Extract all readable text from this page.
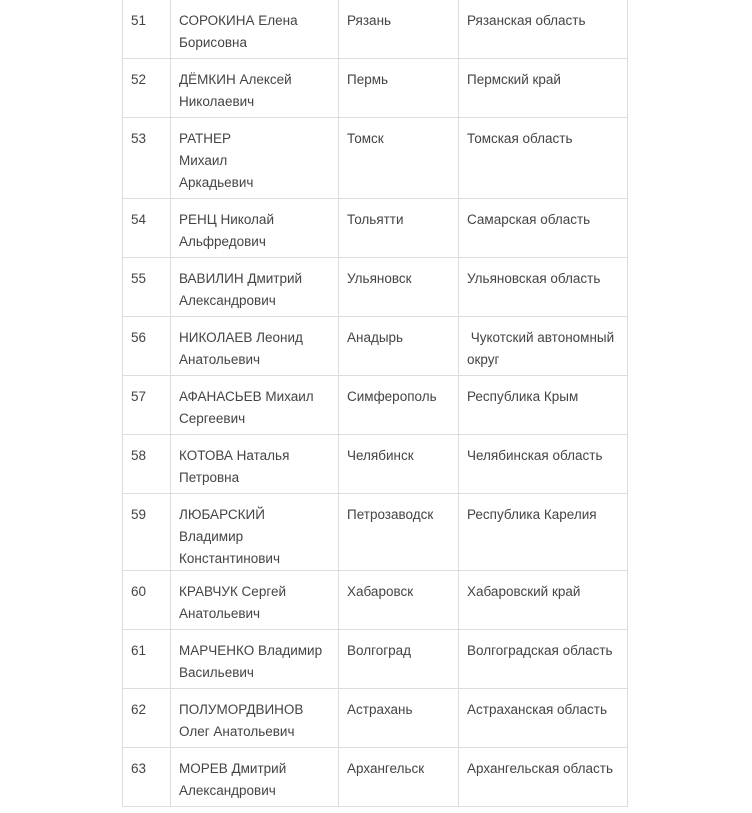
51	СОРОКИНА Елена
Борисовна	Рязань	Рязанская область

52	ДЁМКИН Алексей
Николаевич	Пермь	Пермский край

53	РАТНЕР
Михаил
Аркадьевич	Томск	Томская область

54	РЕНЦ Николай
Альфредович	Тольятти	Самарская область

55	ВАВИЛИН Дмитрий
Александрович	Ульяновск	Ульяновская область

56	НИКОЛАЕВ Леонид
Анатольевич	Анадырь	Чукотский автономный
округ

57	АФАНАСЬЕВ Михаил
Сергеевич	Симферополь	Республика Крым

58	КОТОВА Наталья
Петровна	Челябинск	Челябинская область

59	ЛЮБАРСКИЙ Владимир
Константинович	Петрозаводск	Республика Карелия

60	КРАВЧУК Сергей
Анатольевич	Хабаровск	Хабаровский край

61	МАРЧЕНКО Владимир
Васильевич	Волгоград	Волгоградская область

62	ПОЛУМОРДВИНОВ
Олег Анатольевич	Астрахань	Астраханская область

63	МОРЕВ Дмитрий
Александрович	Архангельск	Архангельская область
